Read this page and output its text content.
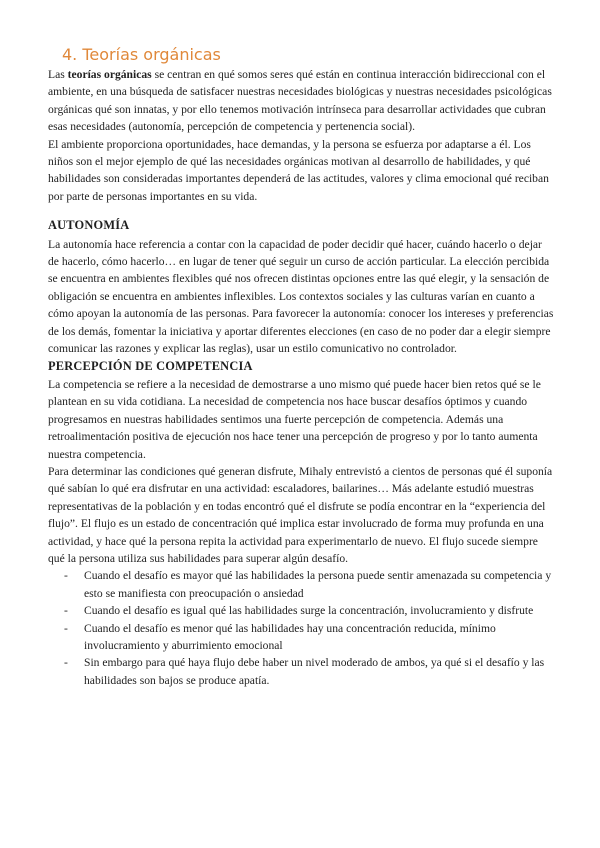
4. Teorías orgánicas

Las teorías orgánicas se centran en qué somos seres qué están en continua interacción bidireccional con el ambiente, en una búsqueda de satisfacer nuestras necesidades biológicas y nuestras necesidades psicológicas orgánicas qué son innatas, y por ello tenemos motivación intrínseca para desarrollar actividades que cubran esas necesidades (autonomía, percepción de competencia y pertenencia social).

El ambiente proporciona oportunidades, hace demandas, y la persona se esfuerza por adaptarse a él. Los niños son el mejor ejemplo de qué las necesidades orgánicas motivan al desarrollo de habilidades, y qué habilidades son consideradas importantes dependerá de las actitudes, valores y clima emocional qué reciban por parte de personas importantes en su vida.

AUTONOMÍA

La autonomía hace referencia a contar con la capacidad de poder decidir qué hacer, cuándo hacerlo o dejar de hacerlo, cómo hacerlo… en lugar de tener qué seguir un curso de acción particular. La elección percibida se encuentra en ambientes flexibles qué nos ofrecen distintas opciones entre las qué elegir, y la sensación de obligación se encuentra en ambientes inflexibles. Los contextos sociales y las culturas varían en cuanto a cómo apoyan la autonomía de las personas. Para favorecer la autonomía: conocer los intereses y preferencias de los demás, fomentar la iniciativa y aportar diferentes elecciones (en caso de no poder dar a elegir siempre comunicar las razones y explicar las reglas), usar un estilo comunicativo no controlador.

PERCEPCIÓN DE COMPETENCIA

La competencia se refiere a la necesidad de demostrarse a uno mismo qué puede hacer bien retos qué se le plantean en su vida cotidiana. La necesidad de competencia nos hace buscar desafíos óptimos y cuando progresamos en nuestras habilidades sentimos una fuerte percepción de competencia. Además una retroalimentación positiva de ejecución nos hace tener una percepción de progreso y por lo tanto aumenta nuestra competencia.

Para determinar las condiciones qué generan disfrute, Mihaly entrevistó a cientos de personas qué él suponía qué sabían lo qué era disfrutar en una actividad: escaladores, bailarines… Más adelante estudió muestras representativas de la población y en todas encontró qué el disfrute se podía encontrar en la “experiencia del flujo”. El flujo es un estado de concentración qué implica estar involucrado de forma muy profunda en una actividad, y hace qué la persona repita la actividad para experimentarlo de nuevo. El flujo sucede siempre qué la persona utiliza sus habilidades para superar algún desafío.

- Cuando el desafío es mayor qué las habilidades la persona puede sentir amenazada su competencia y esto se manifiesta con preocupación o ansiedad
- Cuando el desafío es igual qué las habilidades surge la concentración, involucramiento y disfrute
- Cuando el desafío es menor qué las habilidades hay una concentración reducida, mínimo involucramiento y aburrimiento emocional
- Sin embargo para qué haya flujo debe haber un nivel moderado de ambos, ya qué si el desafío y las habilidades son bajos se produce apatía.
